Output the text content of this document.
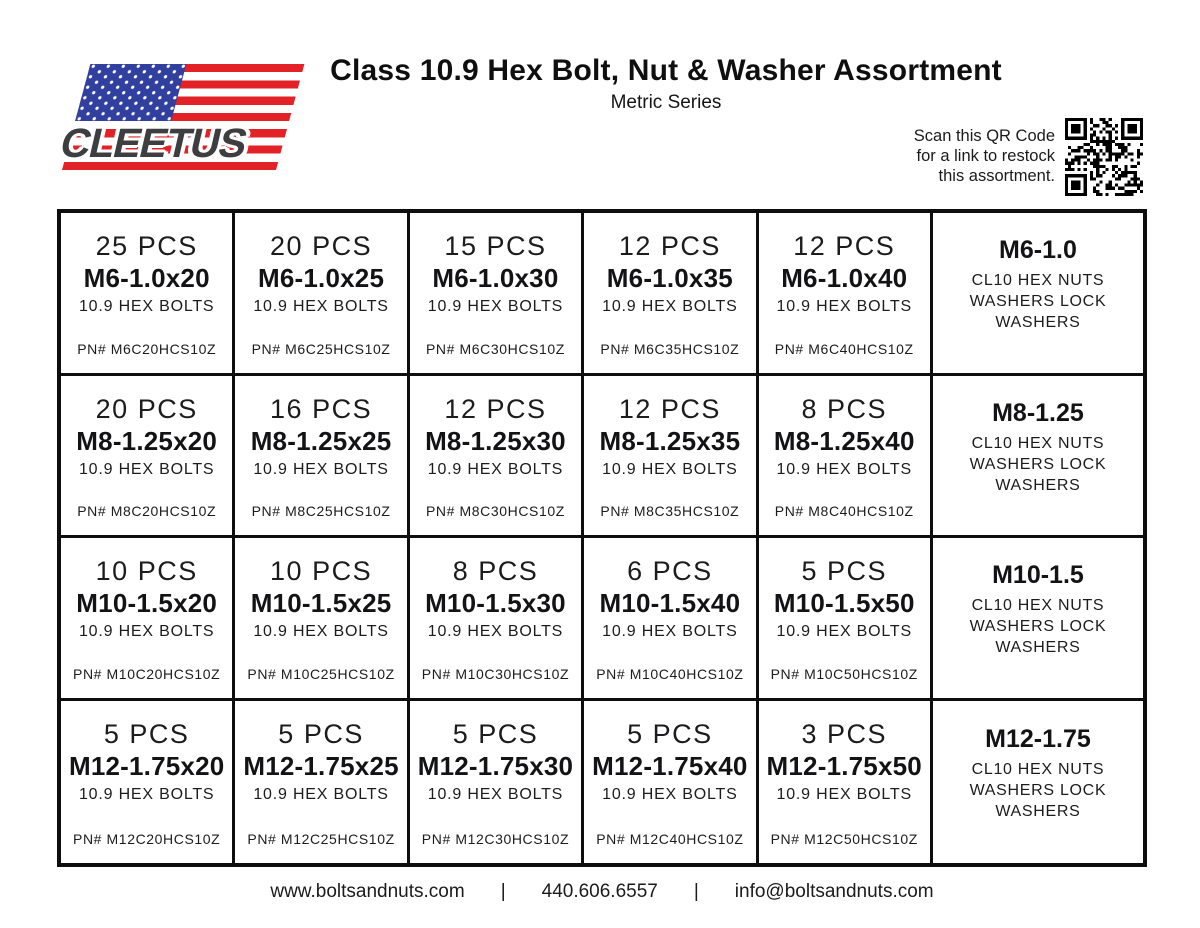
CLEETUS
Class 10.9 Hex Bolt, Nut & Washer Assortment
Metric Series
Scan this QR Code
for a link to restock
this assortment.
25 PCS
M6-1.0x20
10.9 HEX BOLTS
PN# M6C20HCS10Z
20 PCS
M6-1.0x25
10.9 HEX BOLTS
PN# M6C25HCS10Z
15 PCS
M6-1.0x30
10.9 HEX BOLTS
PN# M6C30HCS10Z
12 PCS
M6-1.0x35
10.9 HEX BOLTS
PN# M6C35HCS10Z
12 PCS
M6-1.0x40
10.9 HEX BOLTS
PN# M6C40HCS10Z
M6-1.0
CL10 HEX NUTS
WASHERS LOCK
WASHERS
20 PCS
M8-1.25x20
10.9 HEX BOLTS
PN# M8C20HCS10Z
16 PCS
M8-1.25x25
10.9 HEX BOLTS
PN# M8C25HCS10Z
12 PCS
M8-1.25x30
10.9 HEX BOLTS
PN# M8C30HCS10Z
12 PCS
M8-1.25x35
10.9 HEX BOLTS
PN# M8C35HCS10Z
8 PCS
M8-1.25x40
10.9 HEX BOLTS
PN# M8C40HCS10Z
M8-1.25
CL10 HEX NUTS
WASHERS LOCK
WASHERS
10 PCS
M10-1.5x20
10.9 HEX BOLTS
PN# M10C20HCS10Z
10 PCS
M10-1.5x25
10.9 HEX BOLTS
PN# M10C25HCS10Z
8 PCS
M10-1.5x30
10.9 HEX BOLTS
PN# M10C30HCS10Z
6 PCS
M10-1.5x40
10.9 HEX BOLTS
PN# M10C40HCS10Z
5 PCS
M10-1.5x50
10.9 HEX BOLTS
PN# M10C50HCS10Z
M10-1.5
CL10 HEX NUTS
WASHERS LOCK
WASHERS
5 PCS
M12-1.75x20
10.9 HEX BOLTS
PN# M12C20HCS10Z
5 PCS
M12-1.75x25
10.9 HEX BOLTS
PN# M12C25HCS10Z
5 PCS
M12-1.75x30
10.9 HEX BOLTS
PN# M12C30HCS10Z
5 PCS
M12-1.75x40
10.9 HEX BOLTS
PN# M12C40HCS10Z
3 PCS
M12-1.75x50
10.9 HEX BOLTS
PN# M12C50HCS10Z
M12-1.75
CL10 HEX NUTS
WASHERS LOCK
WASHERS
www.boltsandnuts.com | 440.606.6557 | info@boltsandnuts.com
